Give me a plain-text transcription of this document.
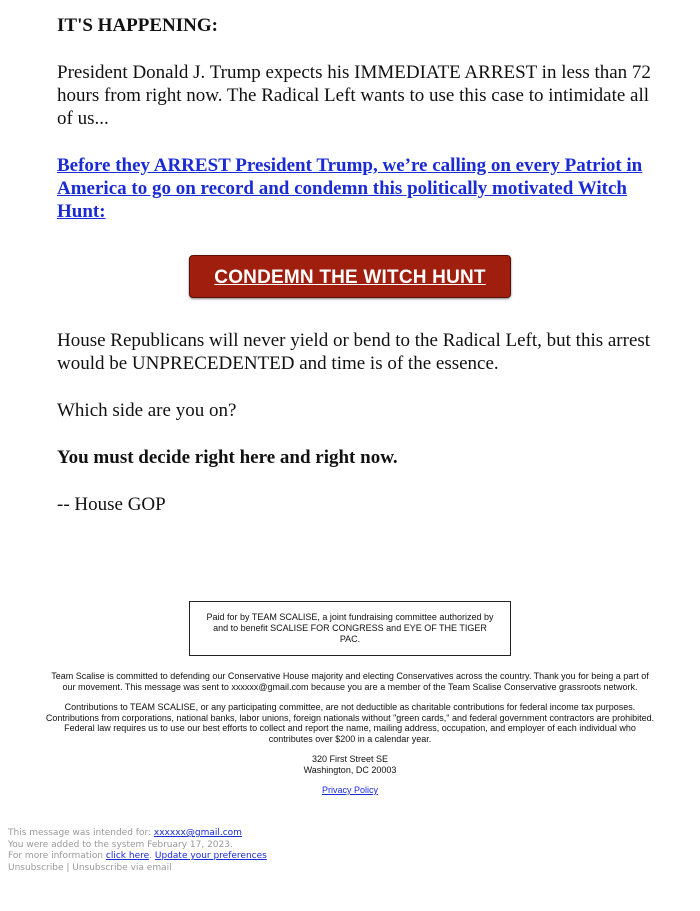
IT'S HAPPENING:

President Donald J. Trump expects his IMMEDIATE ARREST in less than 72 hours from right now. The Radical Left wants to use this case to intimidate all of us...

Before they ARREST President Trump, we’re calling on every Patriot in America to go on record and condemn this politically motivated Witch Hunt:
CONDEMN THE WITCH HUNT

House Republicans will never yield or bend to the Radical Left, but this arrest would be UNPRECEDENTED and time is of the essence.

Which side are you on?

You must decide right here and right now.

-- House GOP

Paid for by TEAM SCALISE, a joint fundraising committee authorized by and to benefit SCALISE FOR CONGRESS and EYE OF THE TIGER PAC.

Team Scalise is committed to defending our Conservative House majority and electing Conservatives across the country. Thank you for being a part of our movement. This message was sent to xxxxxx@gmail.com because you are a member of the Team Scalise Conservative grassroots network.

Contributions to TEAM SCALISE, or any participating committee, are not deductible as charitable contributions for federal income tax purposes. Contributions from corporations, national banks, labor unions, foreign nationals without "green cards," and federal government contractors are prohibited. Federal law requires us to use our best efforts to collect and report the name, mailing address, occupation, and employer of each individual who contributes over $200 in a calendar year.

320 First Street SE
Washington, DC 20003

Privacy Policy

This message was intended for: xxxxxx@gmail.com
You were added to the system February 17, 2023.
For more information click here. Update your preferences
Unsubscribe | Unsubscribe via email
